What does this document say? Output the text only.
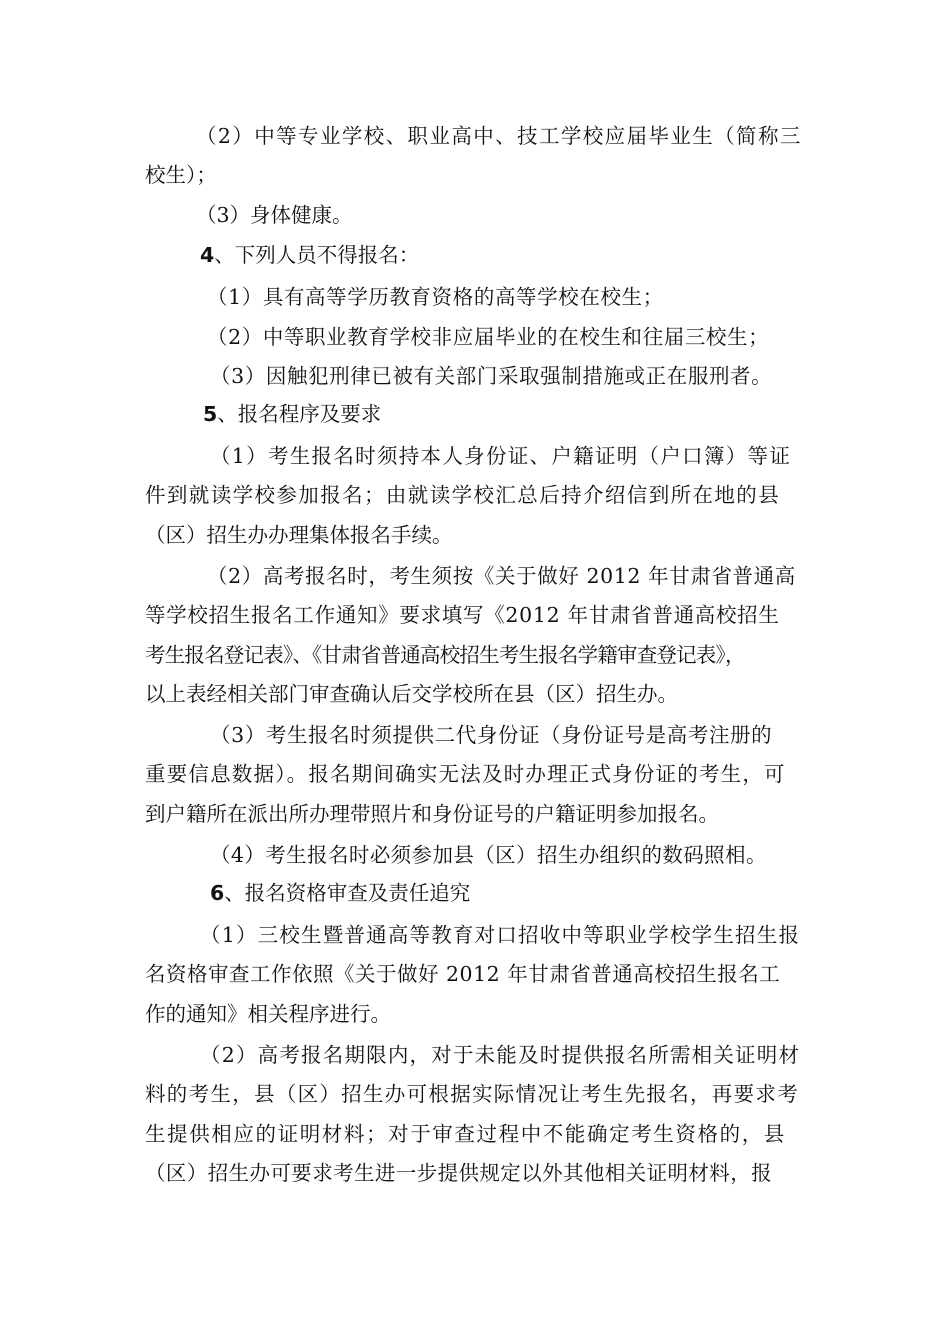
（2）中等专业学校、职业高中、技工学校应届毕业生（简称三
校生）；
（3）身体健康。
4、下列人员不得报名：
（1）具有高等学历教育资格的高等学校在校生；
（2）中等职业教育学校非应届毕业的在校生和往届三校生；
（3）因触犯刑律已被有关部门采取强制措施或正在服刑者。
5、报名程序及要求
（1）考生报名时须持本人身份证、户籍证明（户口簿）等证
件到就读学校参加报名；由就读学校汇总后持介绍信到所在地的县
（区）招生办办理集体报名手续。
（2）高考报名时，考生须按《关于做好 2012 年甘肃省普通高
等学校招生报名工作通知》要求填写《2012 年甘肃省普通高校招生
考生报名登记表》、《甘肃省普通高校招生考生报名学籍审查登记表》，
以上表经相关部门审查确认后交学校所在县（区）招生办。
（3）考生报名时须提供二代身份证（身份证号是高考注册的
重要信息数据）。报名期间确实无法及时办理正式身份证的考生，可
到户籍所在派出所办理带照片和身份证号的户籍证明参加报名。
（4）考生报名时必须参加县（区）招生办组织的数码照相。
6、报名资格审查及责任追究
（1）三校生暨普通高等教育对口招收中等职业学校学生招生报
名资格审查工作依照《关于做好 2012 年甘肃省普通高校招生报名工
作的通知》相关程序进行。
（2）高考报名期限内，对于未能及时提供报名所需相关证明材
料的考生，县（区）招生办可根据实际情况让考生先报名，再要求考
生提供相应的证明材料；对于审查过程中不能确定考生资格的，县
（区）招生办可要求考生进一步提供规定以外其他相关证明材料，报
